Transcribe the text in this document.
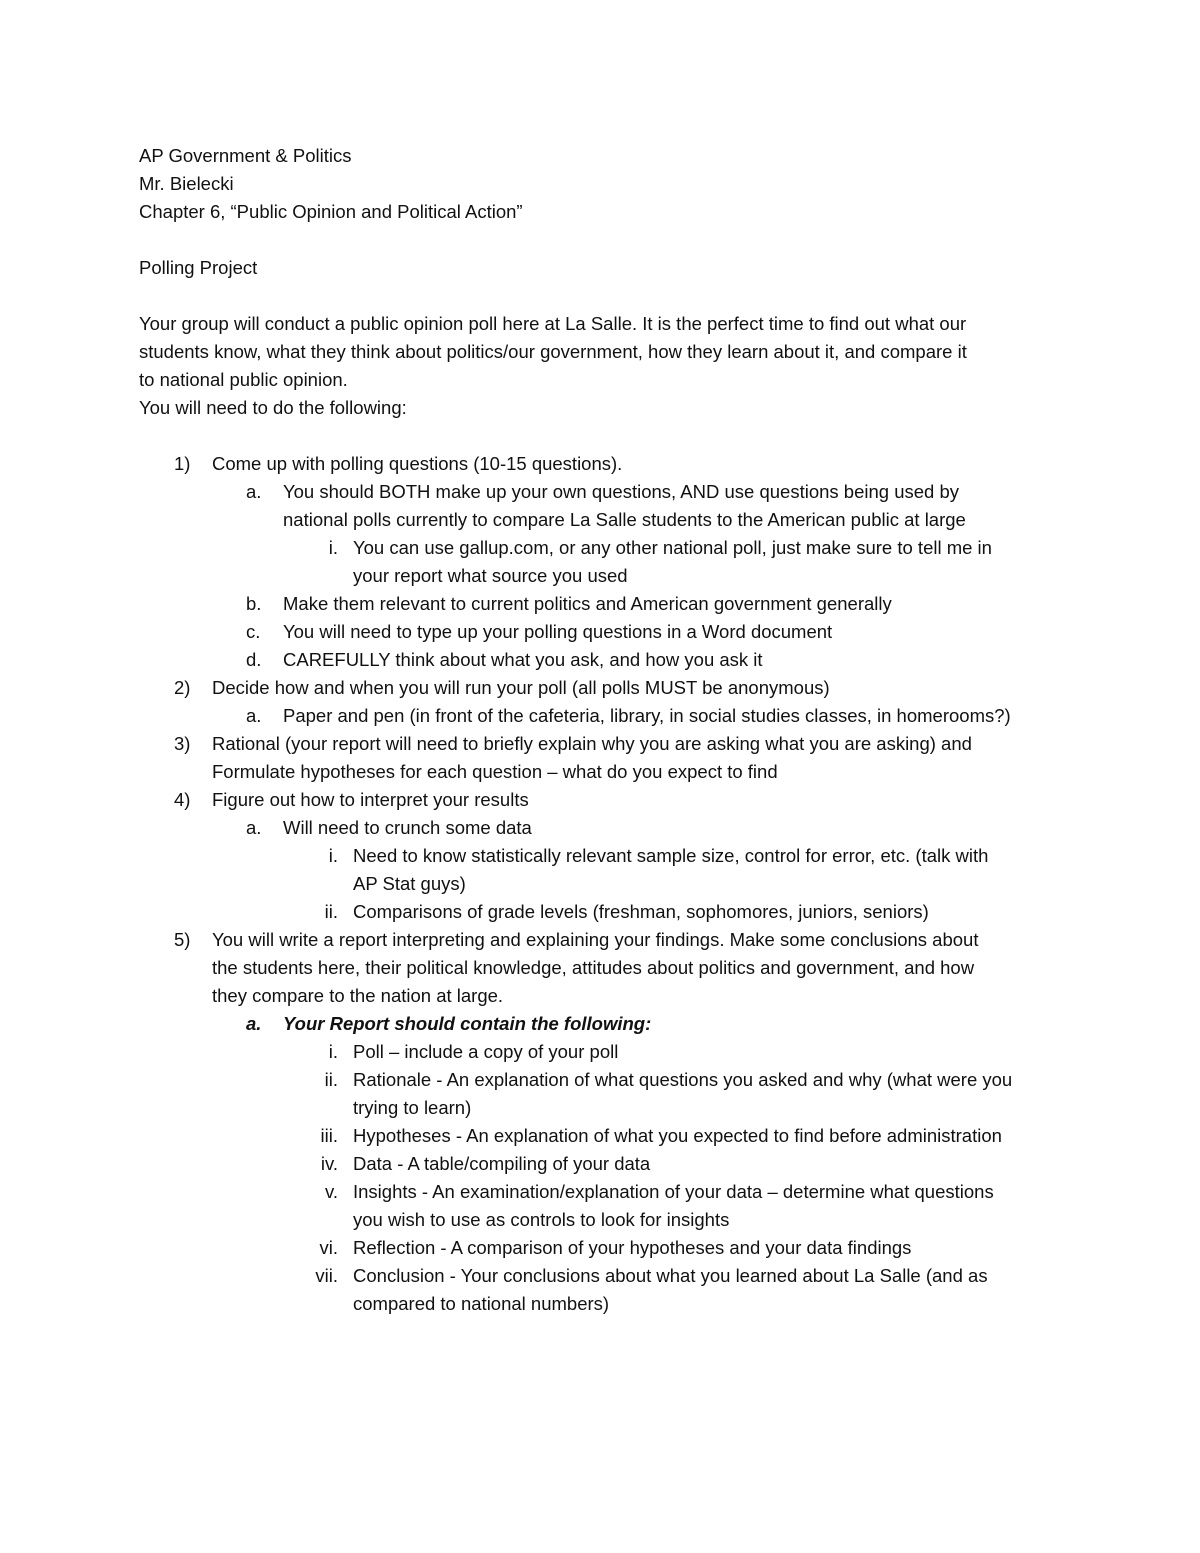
AP Government & Politics
Mr. Bielecki
Chapter 6, “Public Opinion and Political Action”
Polling Project
Your group will conduct a public opinion poll here at La Salle. It is the perfect time to find out what our
students know, what they think about politics/our government, how they learn about it, and compare it
to national public opinion.
You will need to do the following:
1) Come up with polling questions (10-15 questions).
a. You should BOTH make up your own questions, AND use questions being used by
national polls currently to compare La Salle students to the American public at large
i. You can use gallup.com, or any other national poll, just make sure to tell me in
your report what source you used
b. Make them relevant to current politics and American government generally
c. You will need to type up your polling questions in a Word document
d. CAREFULLY think about what you ask, and how you ask it
2) Decide how and when you will run your poll (all polls MUST be anonymous)
a. Paper and pen (in front of the cafeteria, library, in social studies classes, in homerooms?)
3) Rational (your report will need to briefly explain why you are asking what you are asking) and
Formulate hypotheses for each question – what do you expect to find
4) Figure out how to interpret your results
a. Will need to crunch some data
i. Need to know statistically relevant sample size, control for error, etc. (talk with
AP Stat guys)
ii. Comparisons of grade levels (freshman, sophomores, juniors, seniors)
5) You will write a report interpreting and explaining your findings. Make some conclusions about
the students here, their political knowledge, attitudes about politics and government, and how
they compare to the nation at large.
a. Your Report should contain the following:
i. Poll – include a copy of your poll
ii. Rationale - An explanation of what questions you asked and why (what were you
trying to learn)
iii. Hypotheses - An explanation of what you expected to find before administration
iv. Data - A table/compiling of your data
v. Insights - An examination/explanation of your data – determine what questions
you wish to use as controls to look for insights
vi. Reflection - A comparison of your hypotheses and your data findings
vii. Conclusion - Your conclusions about what you learned about La Salle (and as
compared to national numbers)
